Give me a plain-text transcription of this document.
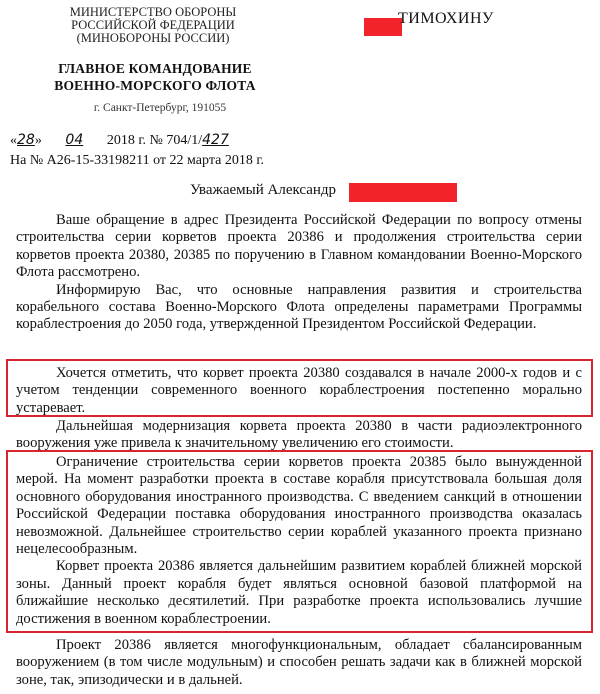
МИНИСТЕРСТВО ОБОРОНЫ
РОССИЙСКОЙ ФЕДЕРАЦИИ
(МИНОБОРОНЫ РОССИИ)
ГЛАВНОЕ КОМАНДОВАНИЕ
ВОЕННО-МОРСКОГО ФЛОТА
г. Санкт-Петербург, 191055
ТИМОХИНУ
«28» 04 2018 г. № 704/1/427
На № А26-15-33198211 от 22 марта 2018 г.
Уважаемый Александр

Ваше обращение в адрес Президента Российской Федерации по вопросу отмены строительства серии корветов проекта 20386 и продолжения строительства серии корветов проекта 20380, 20385 по поручению в Главном командовании Военно-Морского Флота рассмотрено.

Информирую Вас, что основные направления развития и строительства корабельного состава Военно-Морского Флота определены параметрами Программы кораблестроения до 2050 года, утвержденной Президентом Российской Федерации.

Хочется отметить, что корвет проекта 20380 создавался в начале 2000-х годов и с учетом тенденции современного военного кораблестроения постепенно морально устаревает.

Дальнейшая модернизация корвета проекта 20380 в части радиоэлектронного вооружения уже привела к значительному увеличению его стоимости.

Ограничение строительства серии корветов проекта 20385 было вынужденной мерой. На момент разработки проекта в составе корабля присутствовала большая доля основного оборудования иностранного производства. С введением санкций в отношении Российской Федерации поставка оборудования иностранного производства оказалась невозможной. Дальнейшее строительство серии кораблей указанного проекта признано нецелесообразным.

Корвет проекта 20386 является дальнейшим развитием кораблей ближней морской зоны. Данный проект корабля будет являться основной базовой платформой на ближайшие несколько десятилетий. При разработке проекта использовались лучшие достижения в военном кораблестроении.

Проект 20386 является многофункциональным, обладает сбалансированным вооружением (в том числе модульным) и способен решать задачи как в ближней морской зоне, так, эпизодически и в дальней.
